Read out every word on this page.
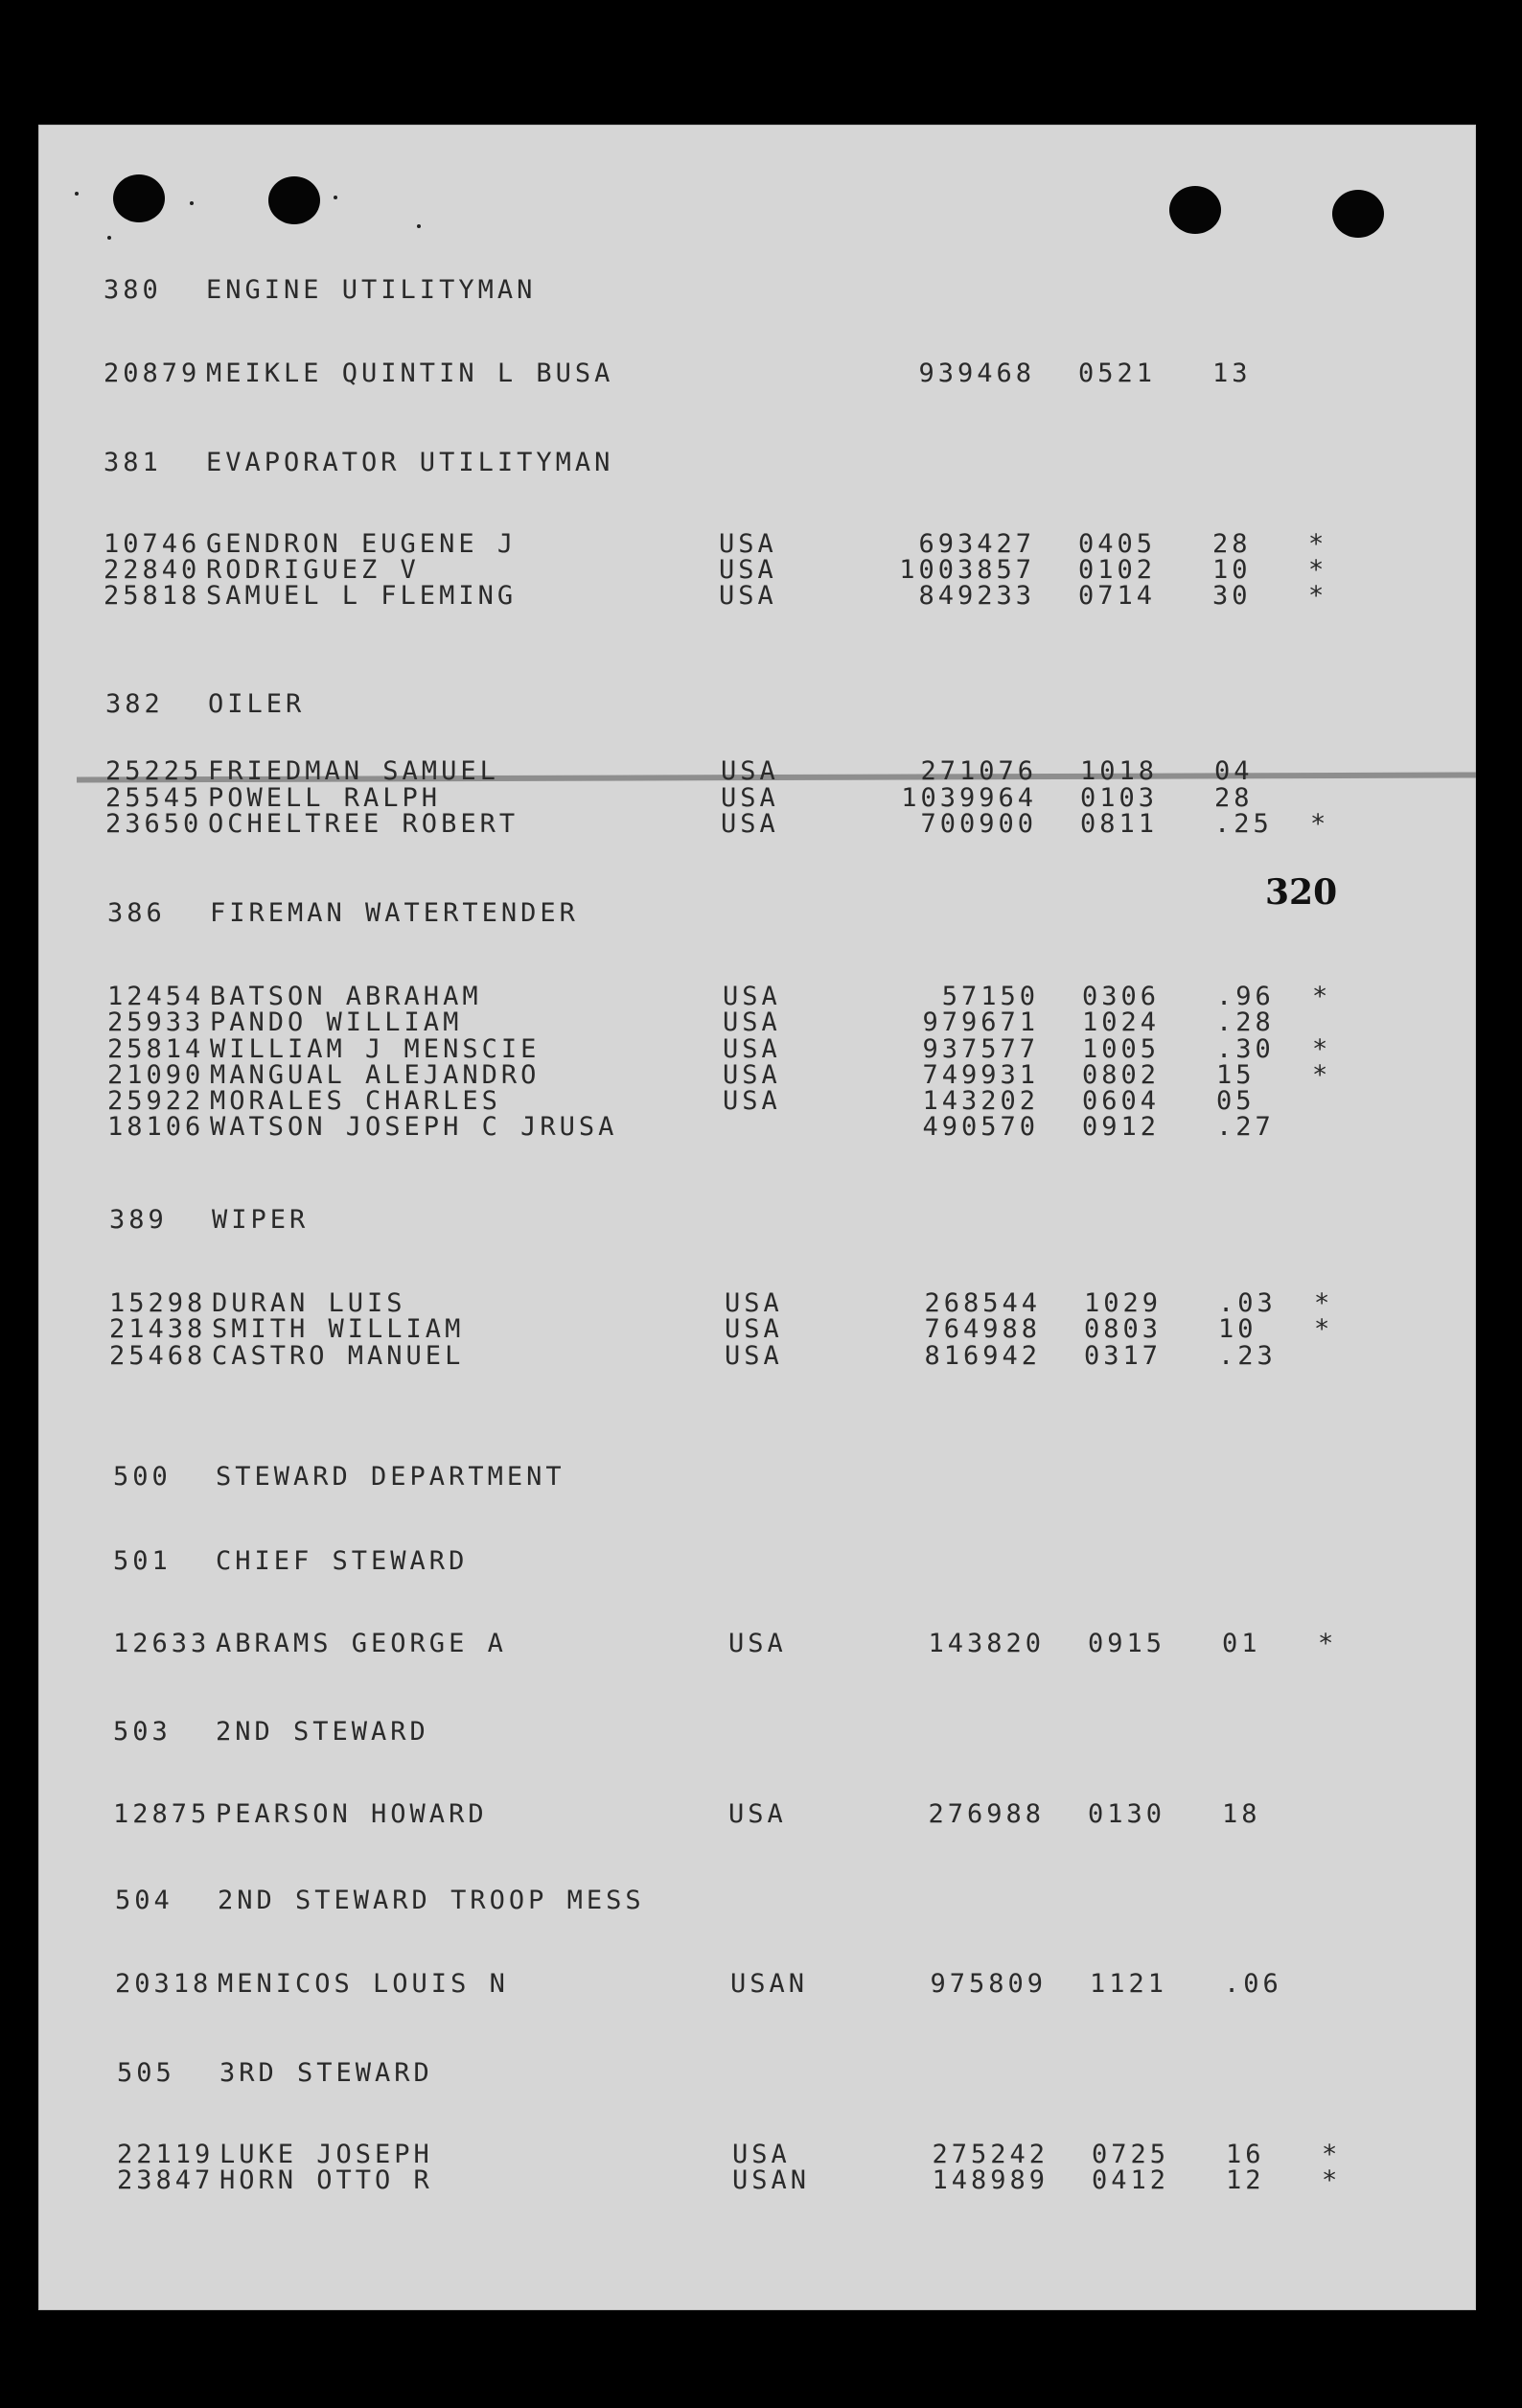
320
380 ENGINE UTILITYMAN
20879 MEIKLE QUINTIN L BUSA	939468 0521 13
381 EVAPORATOR UTILITYMAN
10746 GENDRON EUGENE J	USA	693427 0405 28 *
22840 RODRIGUEZ V	USA	1003857 0102 10 *
25818 SAMUEL L FLEMING	USA	849233 0714 30 *
382 OILER
25225 FRIEDMAN SAMUEL	USA	271076 1018 04
25545 POWELL RALPH	USA	1039964 0103 28
23650 OCHELTREE ROBERT	USA	700900 0811 .25 *
386 FIREMAN WATERTENDER
12454 BATSON ABRAHAM	USA	57150 0306 .96 *
25933 PANDO WILLIAM	USA	979671 1024 .28
25814 WILLIAM J MENSCIE	USA	937577 1005 .30 *
21090 MANGUAL ALEJANDRO	USA	749931 0802 15 *
25922 MORALES CHARLES	USA	143202 0604 05
18106 WATSON JOSEPH C JRUSA	490570 0912 .27
389 WIPER
15298 DURAN LUIS	USA	268544 1029 .03 *
21438 SMITH WILLIAM	USA	764988 0803 10 *
25468 CASTRO MANUEL	USA	816942 0317 .23
500 STEWARD DEPARTMENT
501 CHIEF STEWARD
12633 ABRAMS GEORGE A	USA	143820 0915 01 *
503 2ND STEWARD
12875 PEARSON HOWARD	USA	276988 0130 18
504 2ND STEWARD TROOP MESS
20318 MENICOS LOUIS N	USAN	975809 1121 .06
505 3RD STEWARD
22119 LUKE JOSEPH	USA	275242 0725 16 *
23847 HORN OTTO R	USAN	148989 0412 12 *
